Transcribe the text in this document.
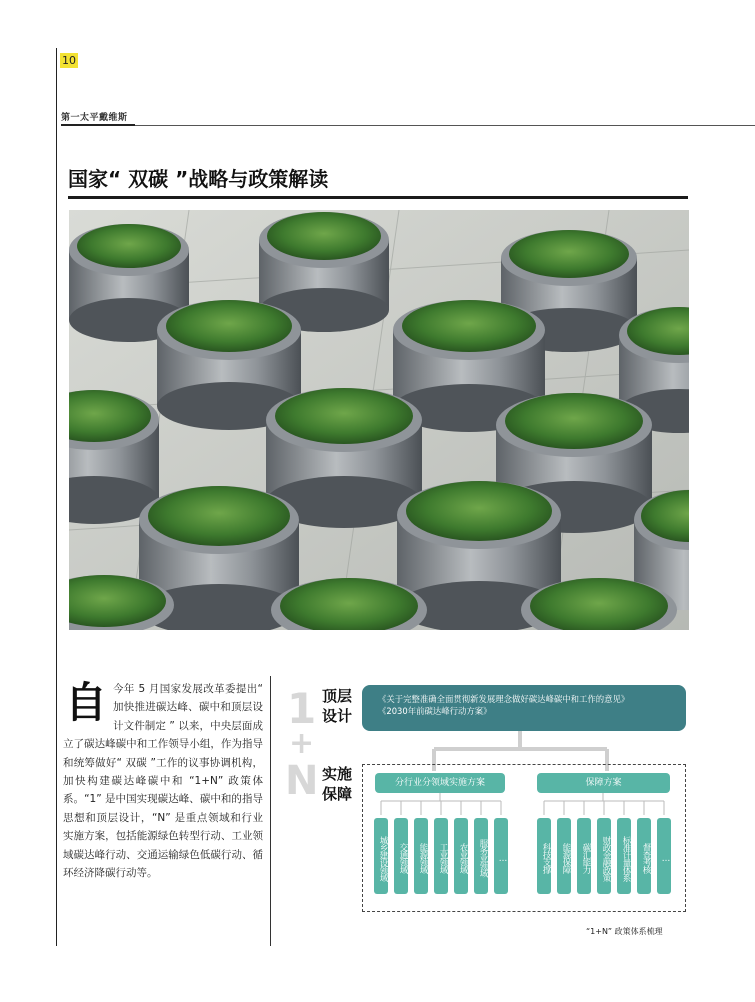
10
第一太平戴维斯
国家“ 双碳 ”战略与政策解读
自今年 5 月国家发展改革委提出“ 加快推进碳达峰、碳中和顶层设计文件制定 ” 以来，中央层面成立了碳达峰碳中和工作领导小组，作为指导和统筹做好“ 双碳 ”工作的议事协调机构，加快构建碳达峰碳中和 “1+N” 政策体系。“1” 是中国实现碳达峰、碳中和的指导思想和顶层设计，“N” 是重点领域和行业实施方案，包括能源绿色转型行动、工业领域碳达峰行动、交通运输绿色低碳行动、循环经济降碳行动等。
1
+
N
顶层设计
实施保障
《关于完整准确全面贯彻新发展理念做好碳达峰碳中和工作的意见》
《2030年前碳达峰行动方案》
分行业分领域实施方案	保障方案
城乡建设领域	交通领域	能源领域	工业领域	农业领域	服务业领域	…	科技支撑	能源保障	碳汇能力	财政金融政策	标准计量体系	督查考核	…
“1+N” 政策体系梳理
